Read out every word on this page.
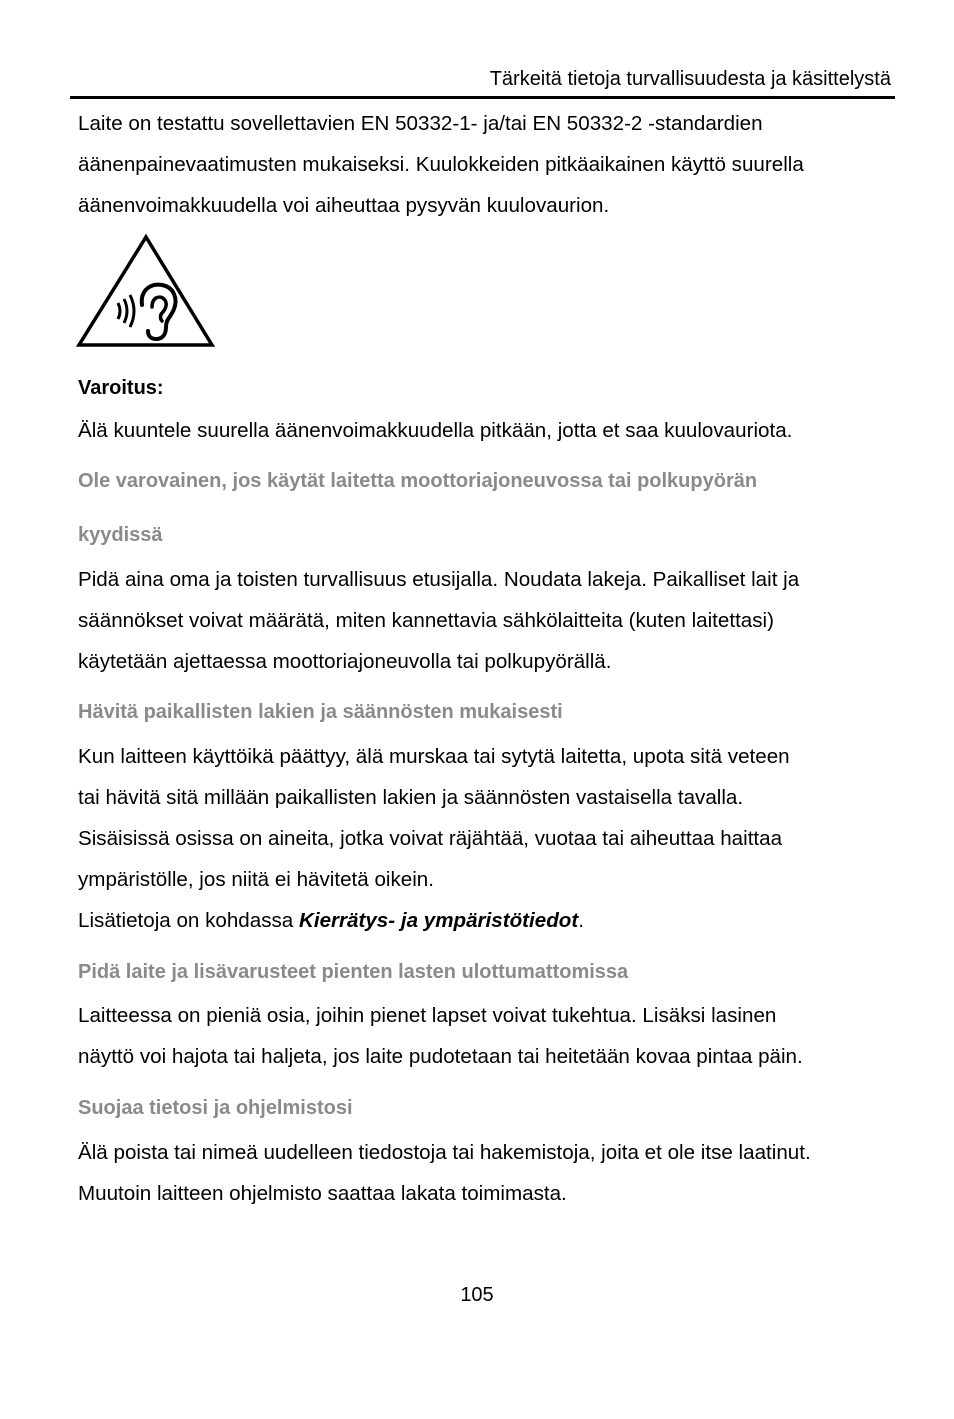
Tärkeitä tietoja turvallisuudesta ja käsittelystä

Laite on testattu sovellettavien EN 50332-1- ja/tai EN 50332-2 -standardien

äänenpainevaatimusten mukaiseksi. Kuulokkeiden pitkäaikainen käyttö suurella

äänenvoimakkuudella voi aiheuttaa pysyvän kuulovaurion.

Varoitus:

Älä kuuntele suurella äänenvoimakkuudella pitkään, jotta et saa kuulovauriota.

Ole varovainen, jos käytät laitetta moottoriajoneuvossa tai polkupyörän

kyydissä

Pidä aina oma ja toisten turvallisuus etusijalla. Noudata lakeja. Paikalliset lait ja

säännökset voivat määrätä, miten kannettavia sähkölaitteita (kuten laitettasi)

käytetään ajettaessa moottoriajoneuvolla tai polkupyörällä.

Hävitä paikallisten lakien ja säännösten mukaisesti

Kun laitteen käyttöikä päättyy, älä murskaa tai sytytä laitetta, upota sitä veteen

tai hävitä sitä millään paikallisten lakien ja säännösten vastaisella tavalla.

Sisäisissä osissa on aineita, jotka voivat räjähtää, vuotaa tai aiheuttaa haittaa

ympäristölle, jos niitä ei hävitetä oikein.

Lisätietoja on kohdassa Kierrätys- ja ympäristötiedot.

Pidä laite ja lisävarusteet pienten lasten ulottumattomissa

Laitteessa on pieniä osia, joihin pienet lapset voivat tukehtua. Lisäksi lasinen

näyttö voi hajota tai haljeta, jos laite pudotetaan tai heitetään kovaa pintaa päin.

Suojaa tietosi ja ohjelmistosi

Älä poista tai nimeä uudelleen tiedostoja tai hakemistoja, joita et ole itse laatinut.

Muutoin laitteen ohjelmisto saattaa lakata toimimasta.

105
